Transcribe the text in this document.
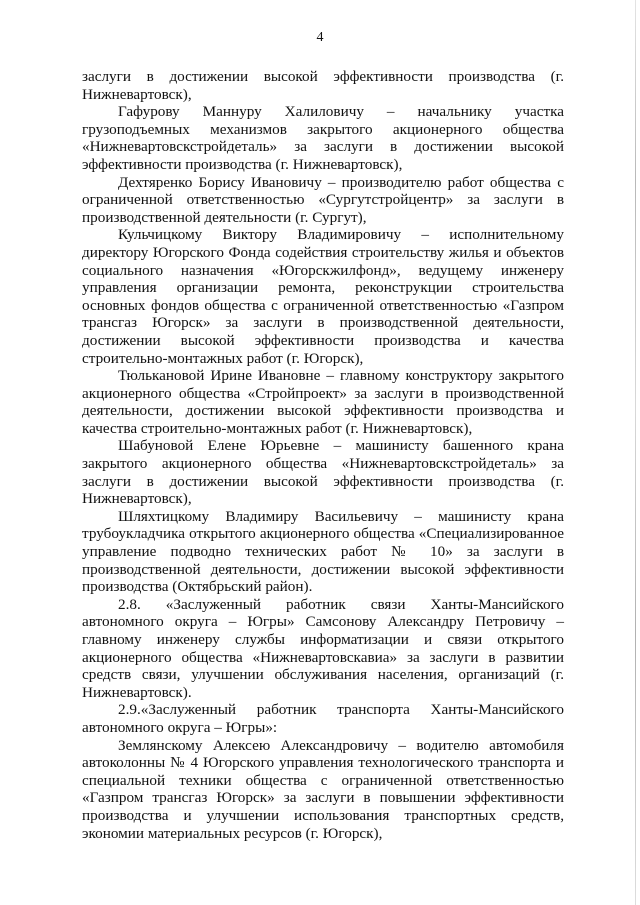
4

заслуги в достижении высокой эффективности производства (г. Нижневартовск),

Гафурову Маннуру Халиловичу – начальнику участка грузоподъемных механизмов закрытого акционерного общества «Нижневартовскстройдеталь» за заслуги в достижении высокой эффективности производства (г. Нижневартовск),

Дехтяренко Борису Ивановичу – производителю работ общества с ограниченной ответственностью «Сургутстройцентр» за заслуги в производственной деятельности (г. Сургут),

Кульчицкому Виктору Владимировичу – исполнительному директору Югорского Фонда содействия строительству жилья и объектов социального назначения «Югорскжилфонд», ведущему инженеру управления организации ремонта, реконструкции строительства основных фондов общества с ограниченной ответственностью «Газпром трансгаз Югорск» за заслуги в производственной деятельности, достижении высокой эффективности производства и качества строительно-монтажных работ (г. Югорск),

Тюлькановой Ирине Ивановне – главному конструктору закрытого акционерного общества «Стройпроект» за заслуги в производственной деятельности, достижении высокой эффективности производства и качества строительно-монтажных работ (г. Нижневартовск),

Шабуновой Елене Юрьевне – машинисту башенного крана закрытого акционерного общества «Нижневартовскстройдеталь» за заслуги в достижении высокой эффективности производства (г. Нижневартовск),

Шляхтицкому Владимиру Васильевичу – машинисту крана трубоукладчика открытого акционерного общества «Специализированное управление подводно технических работ № 10» за заслуги в производственной деятельности, достижении высокой эффективности производства (Октябрьский район).

2.8. «Заслуженный работник связи Ханты-Мансийского автономного округа – Югры» Самсонову Александру Петровичу – главному инженеру службы информатизации и связи открытого акционерного общества «Нижневартовскавиа» за заслуги в развитии средств связи, улучшении обслуживания населения, организаций (г. Нижневартовск).

2.9.«Заслуженный работник транспорта Ханты-Мансийского автономного округа – Югры»:

Землянскому Алексею Александровичу – водителю автомобиля автоколонны № 4 Югорского управления технологического транспорта и специальной техники общества с ограниченной ответственностью «Газпром трансгаз Югорск» за заслуги в повышении эффективности производства и улучшении использования транспортных средств, экономии материальных ресурсов (г. Югорск),
